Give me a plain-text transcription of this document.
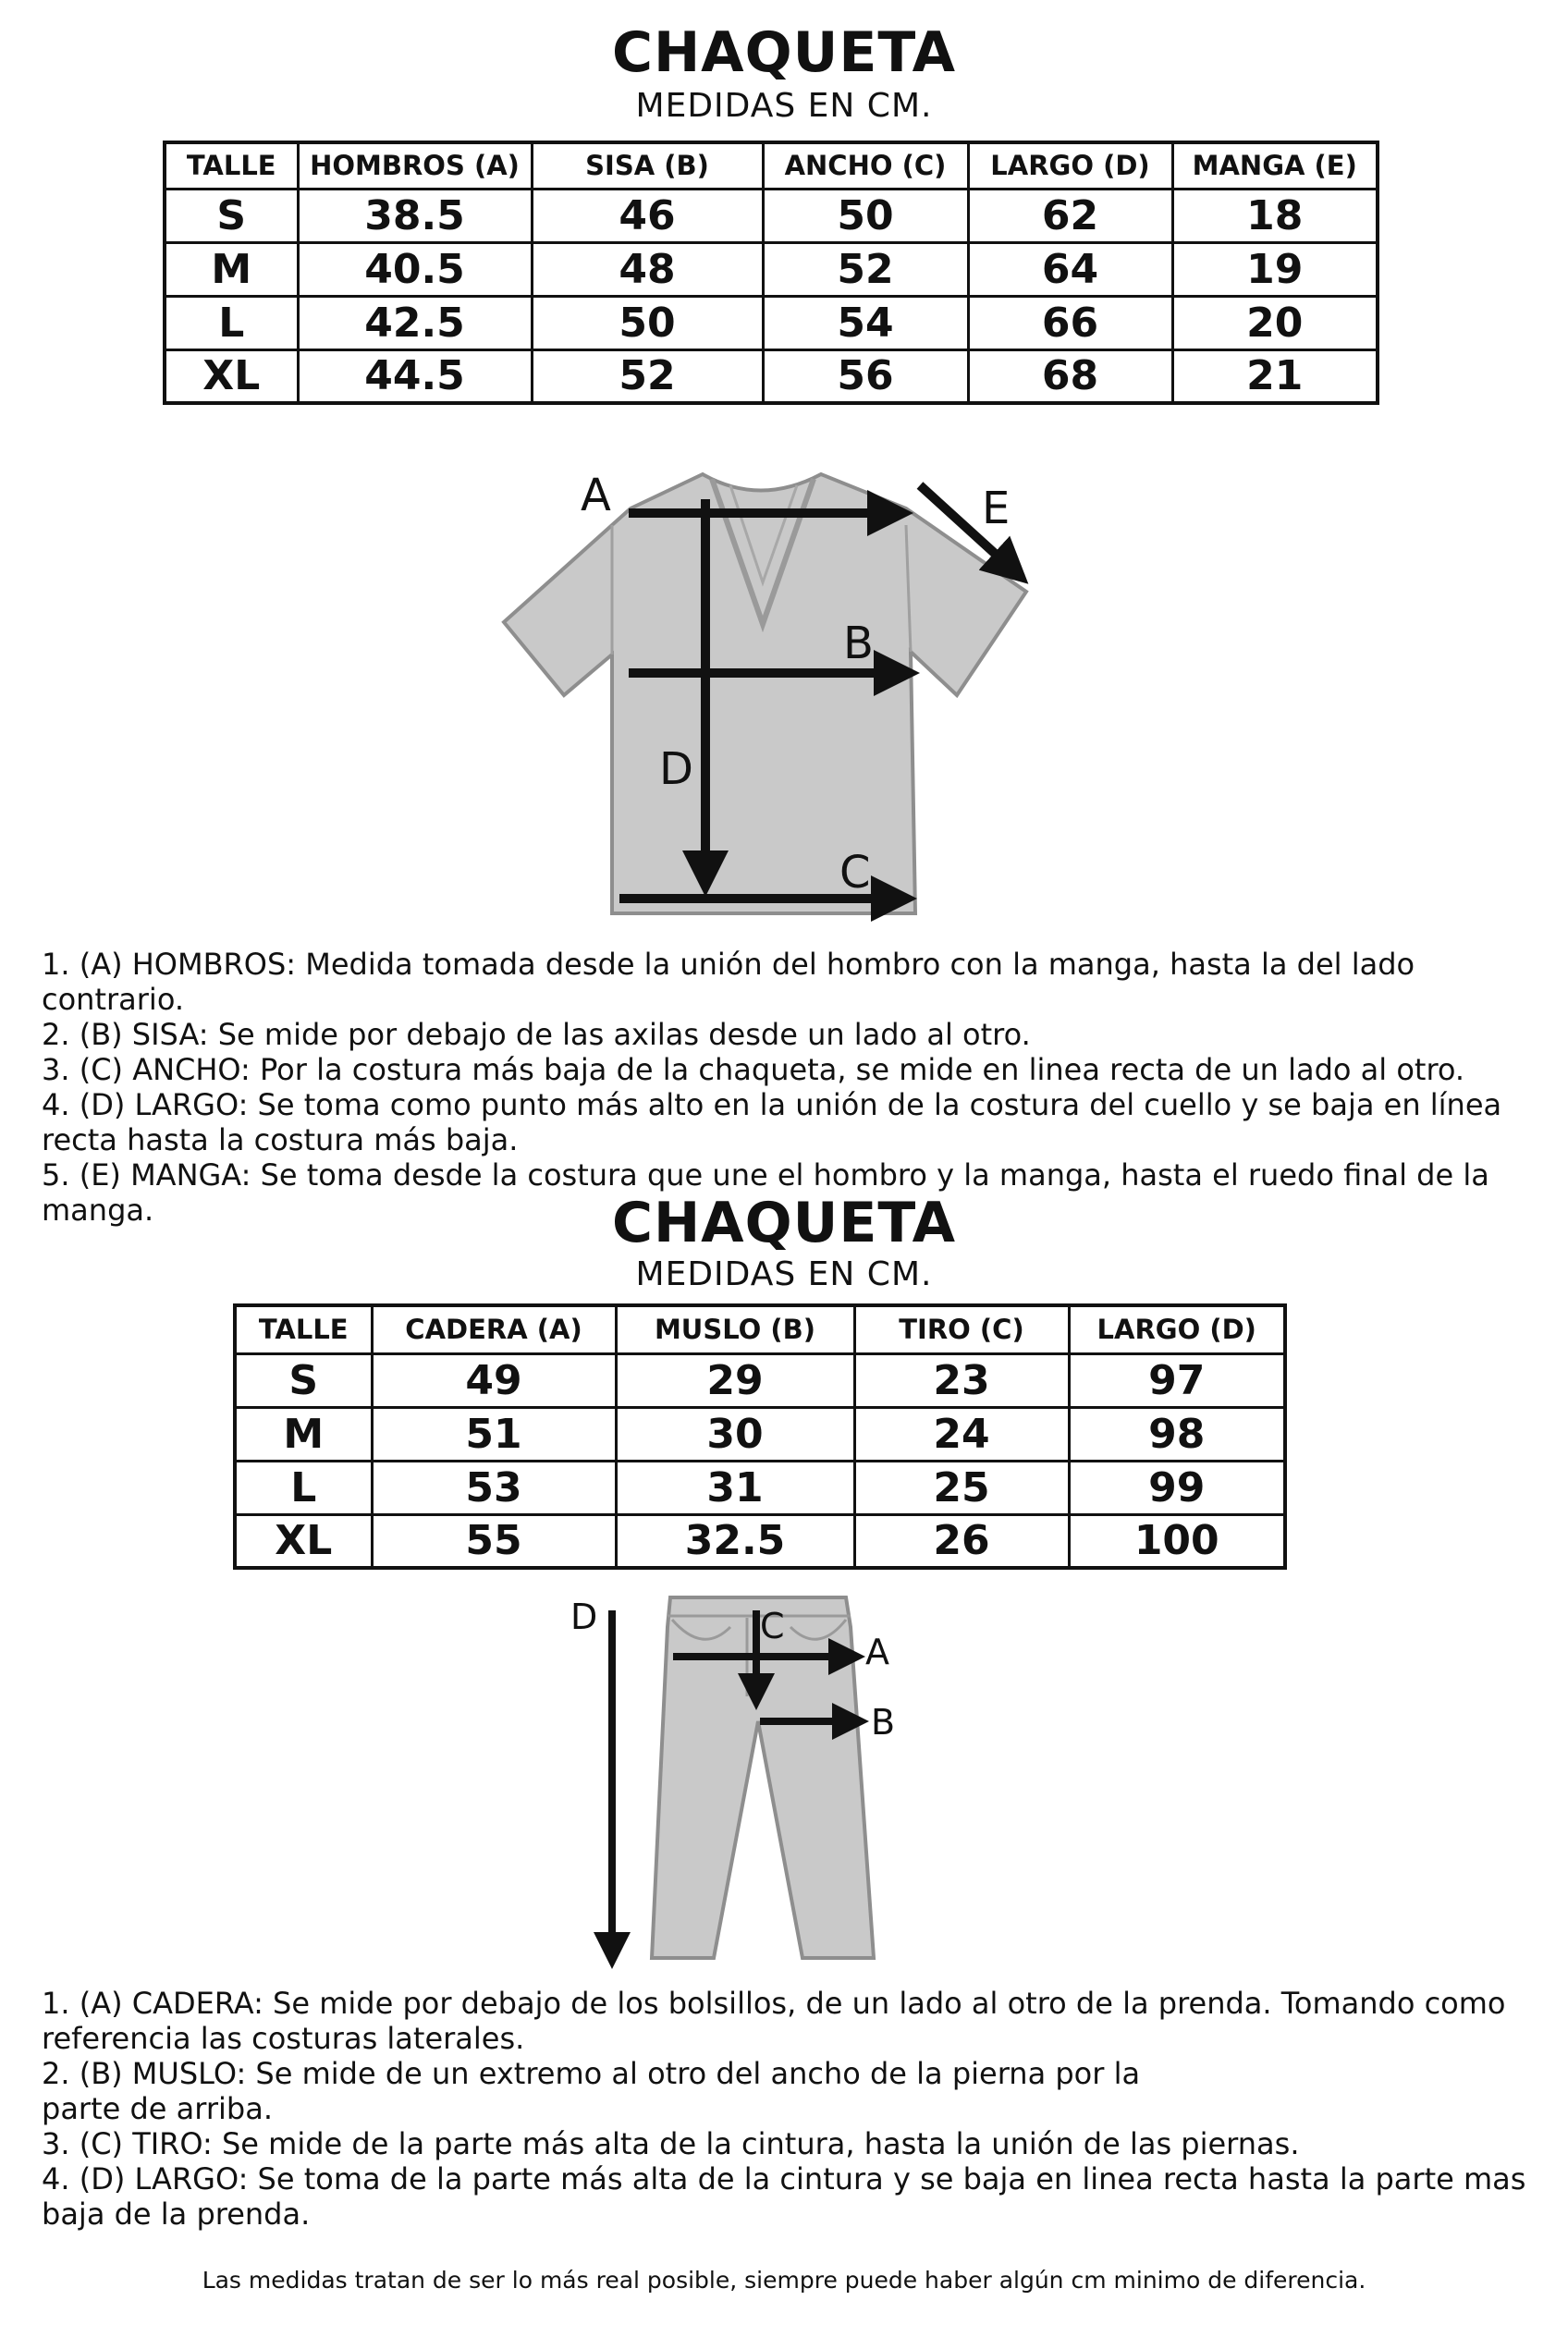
CHAQUETA

MEDIDAS EN CM.

TALLE	HOMBROS (A)	SISA (B)	ANCHO (C)	LARGO (D)	MANGA (E)
S	38.5	46	50	62	18
M	40.5	48	52	64	19
L	42.5	50	54	66	20
XL	44.5	52	56	68	21
A
B
C
D
E
1. (A) HOMBROS: Medida tomada desde la unión del hombro con la manga, hasta la del lado contrario.
2. (B) SISA: Se mide por debajo de las axilas desde un lado al otro.
3. (C) ANCHO: Por la costura más baja de la chaqueta, se mide en linea recta de un lado al otro.
4. (D) LARGO: Se toma como punto más alto en la unión de la costura del cuello y se baja en línea recta hasta la costura más baja.
5. (E) MANGA: Se toma desde la costura que une el hombro y la manga, hasta el ruedo final de la manga.	CHAQUETA

MEDIDAS EN CM.

TALLE	CADERA (A)	MUSLO (B)	TIRO (C)	LARGO (D)
S	49	29	23	97
M	51	30	24	98
L	53	31	25	99
XL	55	32.5	26	100
D	C
A
B
1. (A) CADERA: Se mide por debajo de los bolsillos, de un lado al otro de la prenda. Tomando como referencia las costuras laterales.
2. (B) MUSLO: Se mide de un extremo al otro del ancho de la pierna por la
parte de arriba.
3. (C) TIRO: Se mide de la parte más alta de la cintura, hasta la unión de las piernas.
4. (D) LARGO: Se toma de la parte más alta de la cintura y se baja en linea recta hasta la parte mas baja de la prenda.
Las medidas tratan de ser lo más real posible, siempre puede haber algún cm minimo de diferencia.
